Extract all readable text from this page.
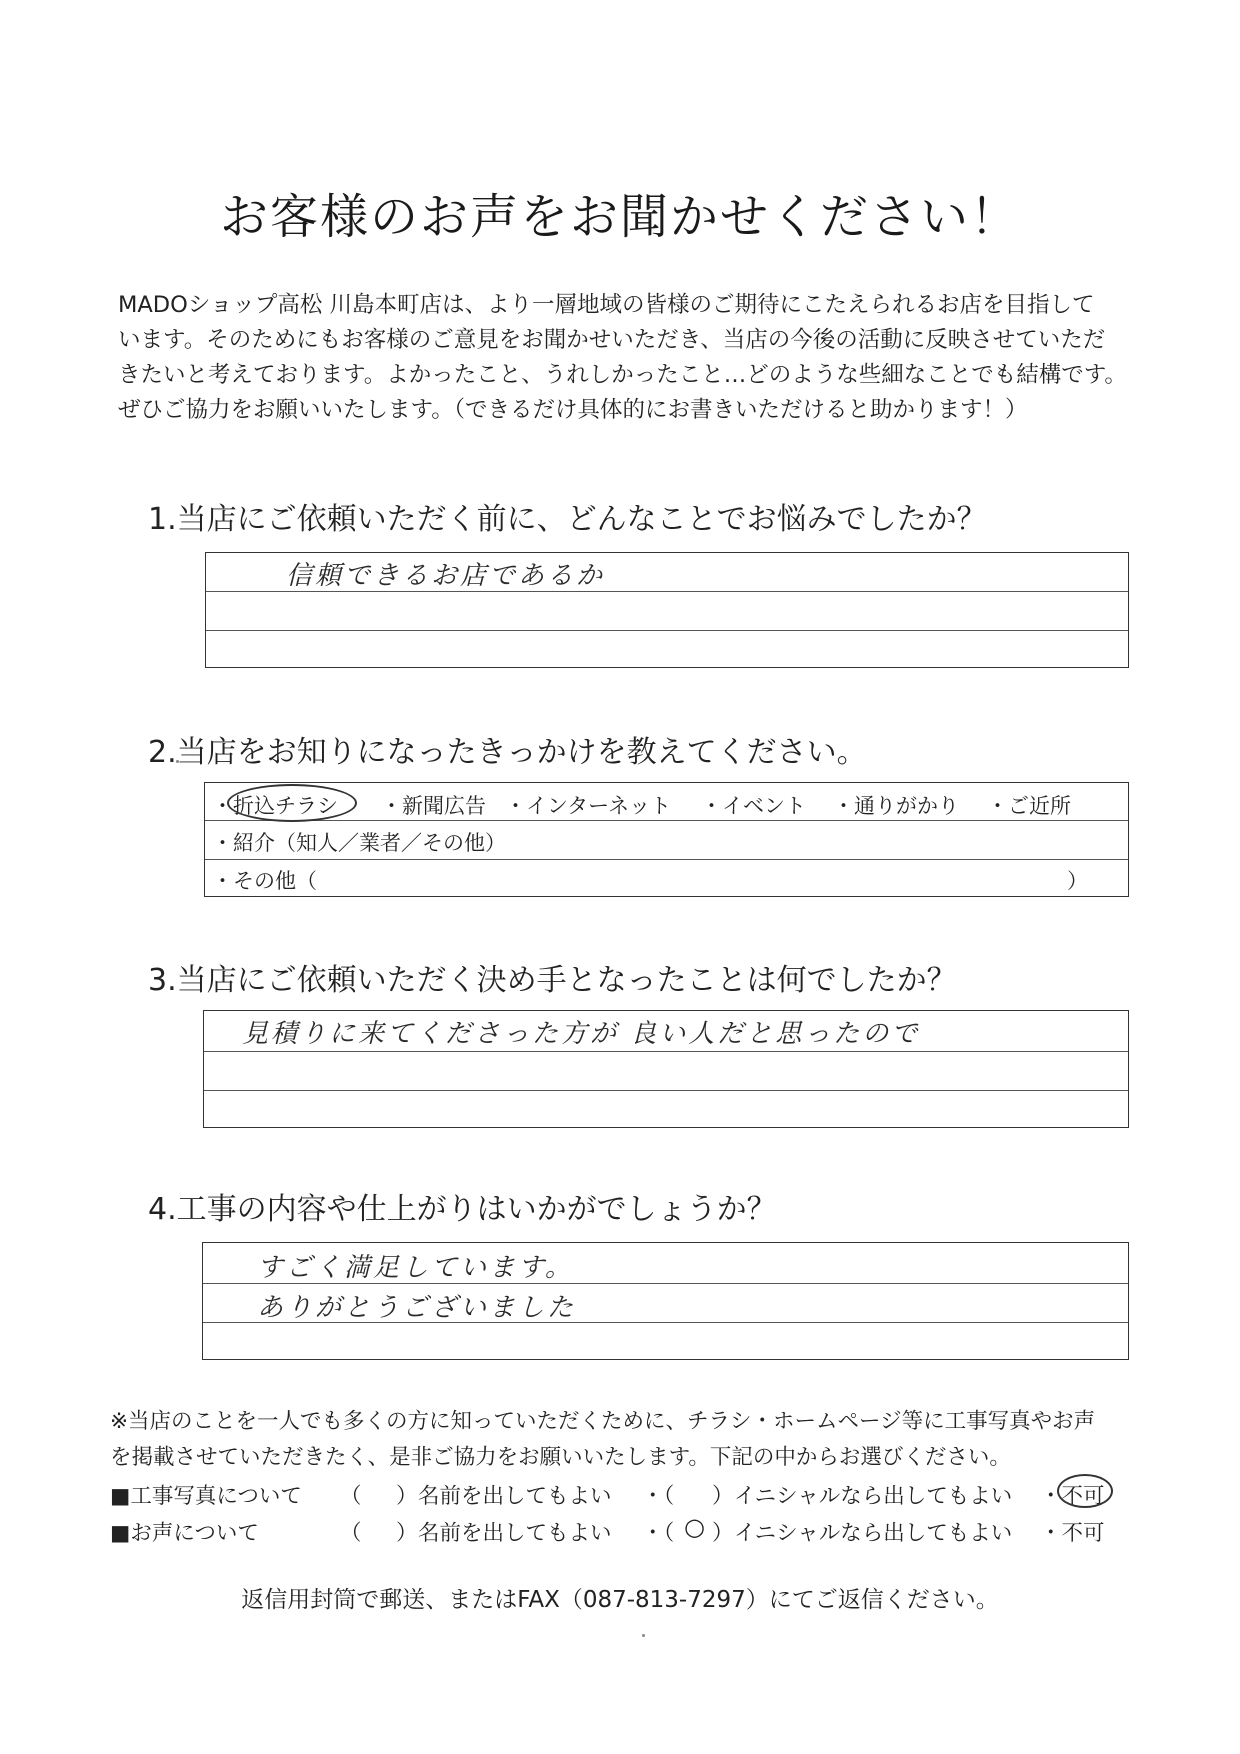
お客様のお声をお聞かせください！
MADOショップ高松 川島本町店は、より一層地域の皆様のご期待にこたえられるお店を目指して
います。そのためにもお客様のご意見をお聞かせいただき、当店の今後の活動に反映させていただ
きたいと考えております。よかったこと、うれしかったこと…どのような些細なことでも結構です。
ぜひご協力をお願いいたします。（できるだけ具体的にお書きいただけると助かります！）
1.当店にご依頼いただく前に、どんなことでお悩みでしたか？
信頼できるお店であるか
2.当店をお知りになったきっかけを教えてください。
・折込チラシ ・新聞広告 ・インターネット ・イベント ・通りがかり ・ご近所
・紹介（知人／業者／その他）
・その他（	）
3.当店にご依頼いただく決め手となったことは何でしたか？
見積りに来てくださった方が 良い人だと思ったので
4.工事の内容や仕上がりはいかがでしょうか？
すごく満足しています。
ありがとうございました
※当店のことを一人でも多くの方に知っていただくために、チラシ・ホームページ等に工事写真やお声
を掲載させていただきたく、是非ご協力をお願いいたします。下記の中からお選びください。
■工事写真について （ ） 名前を出してもよい ・（ ） イニシャルなら出してもよい ・不可
■お声について	（ ） 名前を出してもよい ・（ ○ ） イニシャルなら出してもよい ・不可
返信用封筒で郵送、またはFAX（087-813-7297）にてご返信ください。
